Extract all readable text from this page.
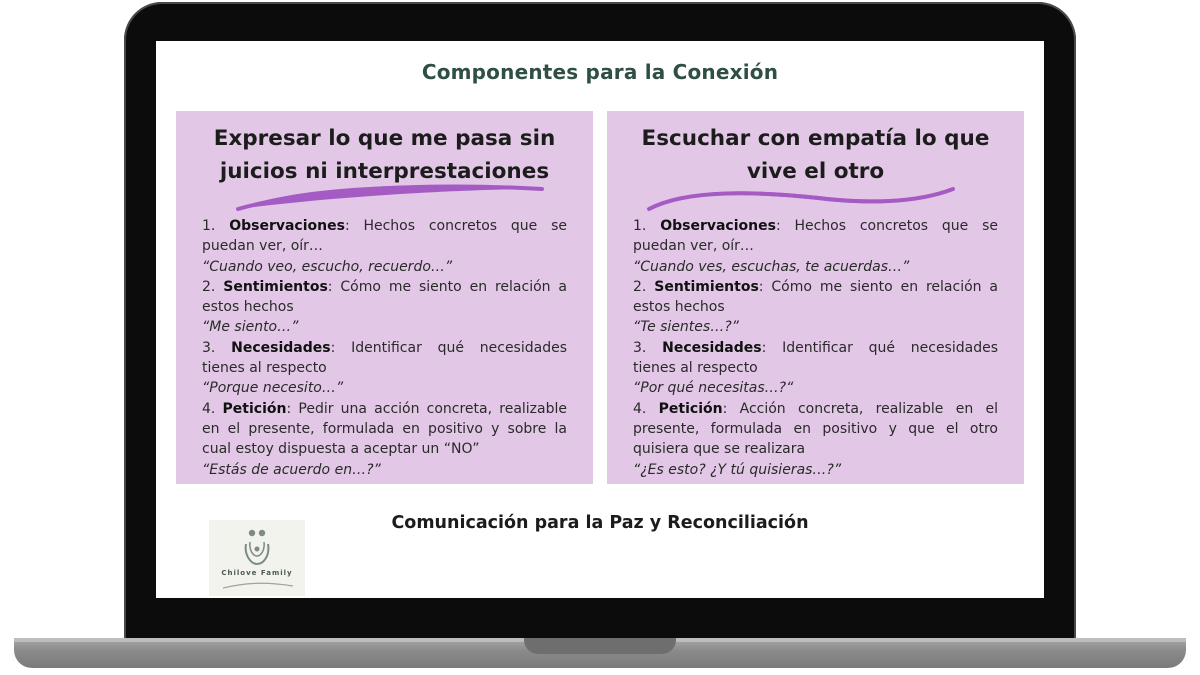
Componentes para la Conexión
Expresar lo que me pasa sin
juicios ni interprestaciones

1. Observaciones: Hechos concretos que se puedan ver, oír…

“Cuando veo, escucho, recuerdo…”

2. Sentimientos: Cómo me siento en relación a estos hechos

“Me siento…”

3. Necesidades: Identificar qué necesidades tienes al respecto

“Porque necesito…”

4. Petición: Pedir una acción concreta, realizable en el presente, formulada en positivo y sobre la cual estoy dispuesta a aceptar un “NO”

“Estás de acuerdo en…?”

Escuchar con empatía lo que
vive el otro

1. Observaciones: Hechos concretos que se puedan ver, oír…

“Cuando ves, escuchas, te acuerdas…”

2. Sentimientos: Cómo me siento en relación a estos hechos

“Te sientes…?”

3. Necesidades: Identificar qué necesidades tienes al respecto

“Por qué necesitas…?“

4. Petición: Acción concreta, realizable en el presente, formulada en positivo y que el otro quisiera que se realizara

“¿Es esto? ¿Y tú quisieras…?”

Chilove Family
Comunicación para la Paz y Reconciliación
